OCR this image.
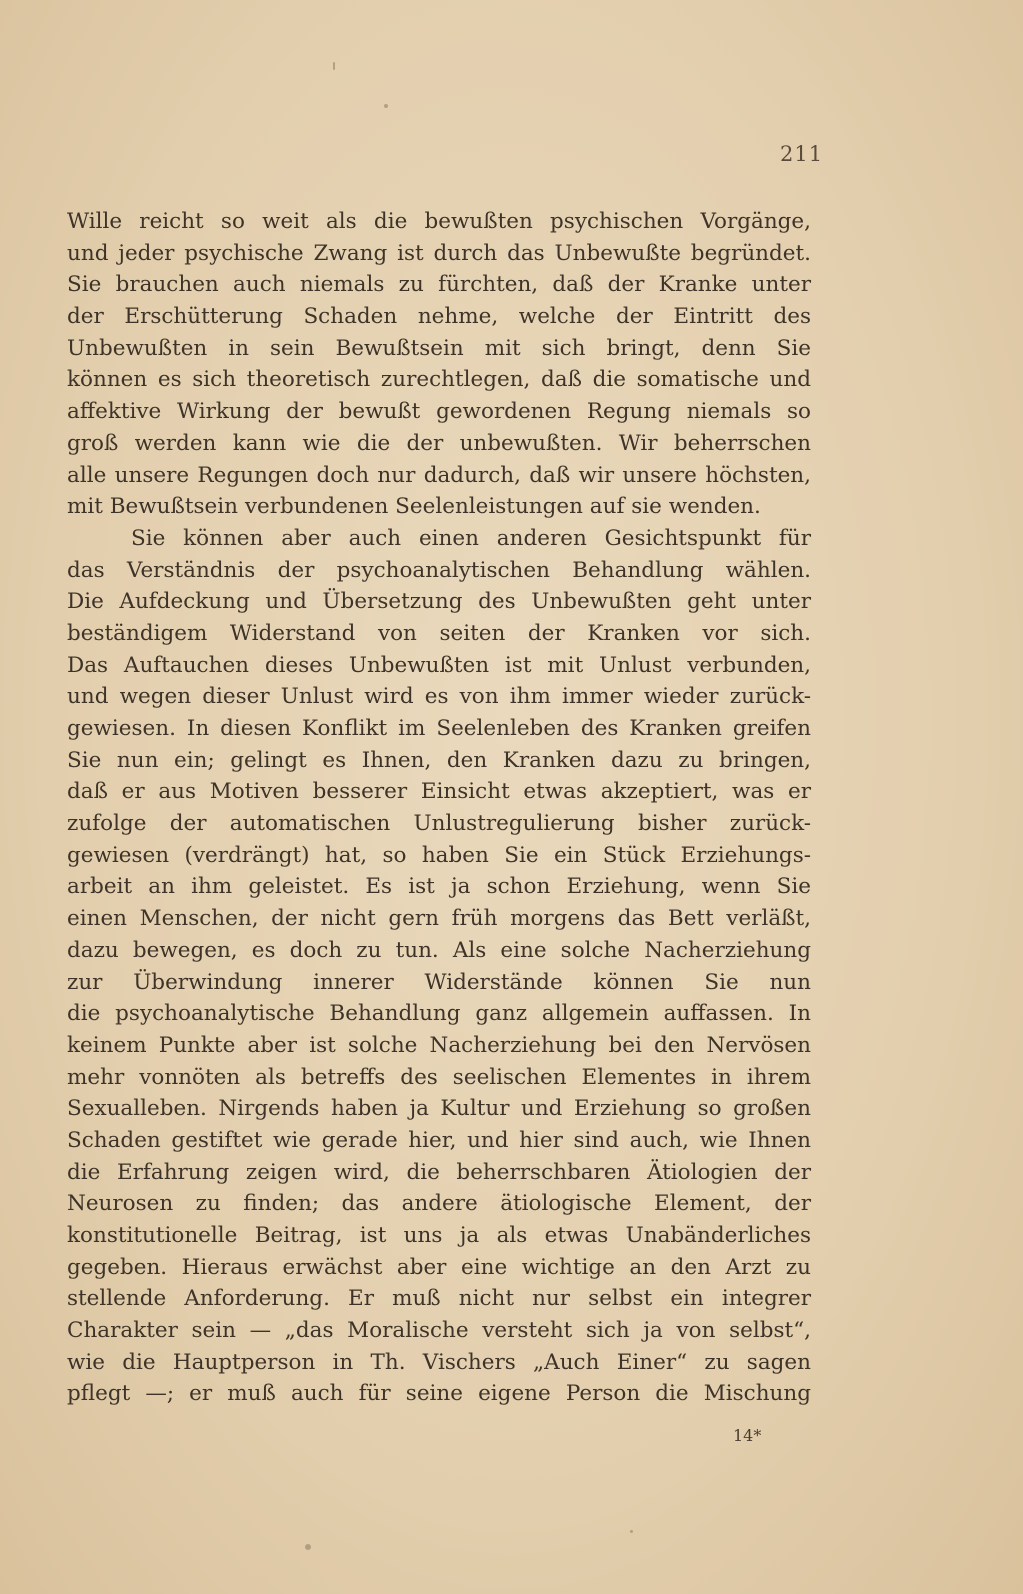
211
Wille reicht so weit als die bewußten psychischen Vorgänge,
und jeder psychische Zwang ist durch das Unbewußte begründet.
Sie brauchen auch niemals zu fürchten, daß der Kranke unter
der Erschütterung Schaden nehme, welche der Eintritt des
Unbewußten in sein Bewußtsein mit sich bringt, denn Sie
können es sich theoretisch zurechtlegen, daß die somatische und
affektive Wirkung der bewußt gewordenen Regung niemals so
groß werden kann wie die der unbewußten. Wir beherrschen
alle unsere Regungen doch nur dadurch, daß wir unsere höchsten,
mit Bewußtsein verbundenen Seelenleistungen auf sie wenden.
Sie können aber auch einen anderen Gesichtspunkt für
das Verständnis der psychoanalytischen Behandlung wählen.
Die Aufdeckung und Übersetzung des Unbewußten geht unter
beständigem Widerstand von seiten der Kranken vor sich.
Das Auftauchen dieses Unbewußten ist mit Unlust verbunden,
und wegen dieser Unlust wird es von ihm immer wieder zurück-
gewiesen. In diesen Konflikt im Seelenleben des Kranken greifen
Sie nun ein; gelingt es Ihnen, den Kranken dazu zu bringen,
daß er aus Motiven besserer Einsicht etwas akzeptiert, was er
zufolge der automatischen Unlustregulierung bisher zurück-
gewiesen (verdrängt) hat, so haben Sie ein Stück Erziehungs-
arbeit an ihm geleistet. Es ist ja schon Erziehung, wenn Sie
einen Menschen, der nicht gern früh morgens das Bett verläßt,
dazu bewegen, es doch zu tun. Als eine solche Nacherziehung
zur Überwindung innerer Widerstände können Sie nun
die psychoanalytische Behandlung ganz allgemein auffassen. In
keinem Punkte aber ist solche Nacherziehung bei den Nervösen
mehr vonnöten als betreffs des seelischen Elementes in ihrem
Sexualleben. Nirgends haben ja Kultur und Erziehung so großen
Schaden gestiftet wie gerade hier, und hier sind auch, wie Ihnen
die Erfahrung zeigen wird, die beherrschbaren Ätiologien der
Neurosen zu finden; das andere ätiologische Element, der
konstitutionelle Beitrag, ist uns ja als etwas Unabänderliches
gegeben. Hieraus erwächst aber eine wichtige an den Arzt zu
stellende Anforderung. Er muß nicht nur selbst ein integrer
Charakter sein — „das Moralische versteht sich ja von selbst“,
wie die Hauptperson in Th. Vischers „Auch Einer“ zu sagen
pflegt —; er muß auch für seine eigene Person die Mischung
14*
